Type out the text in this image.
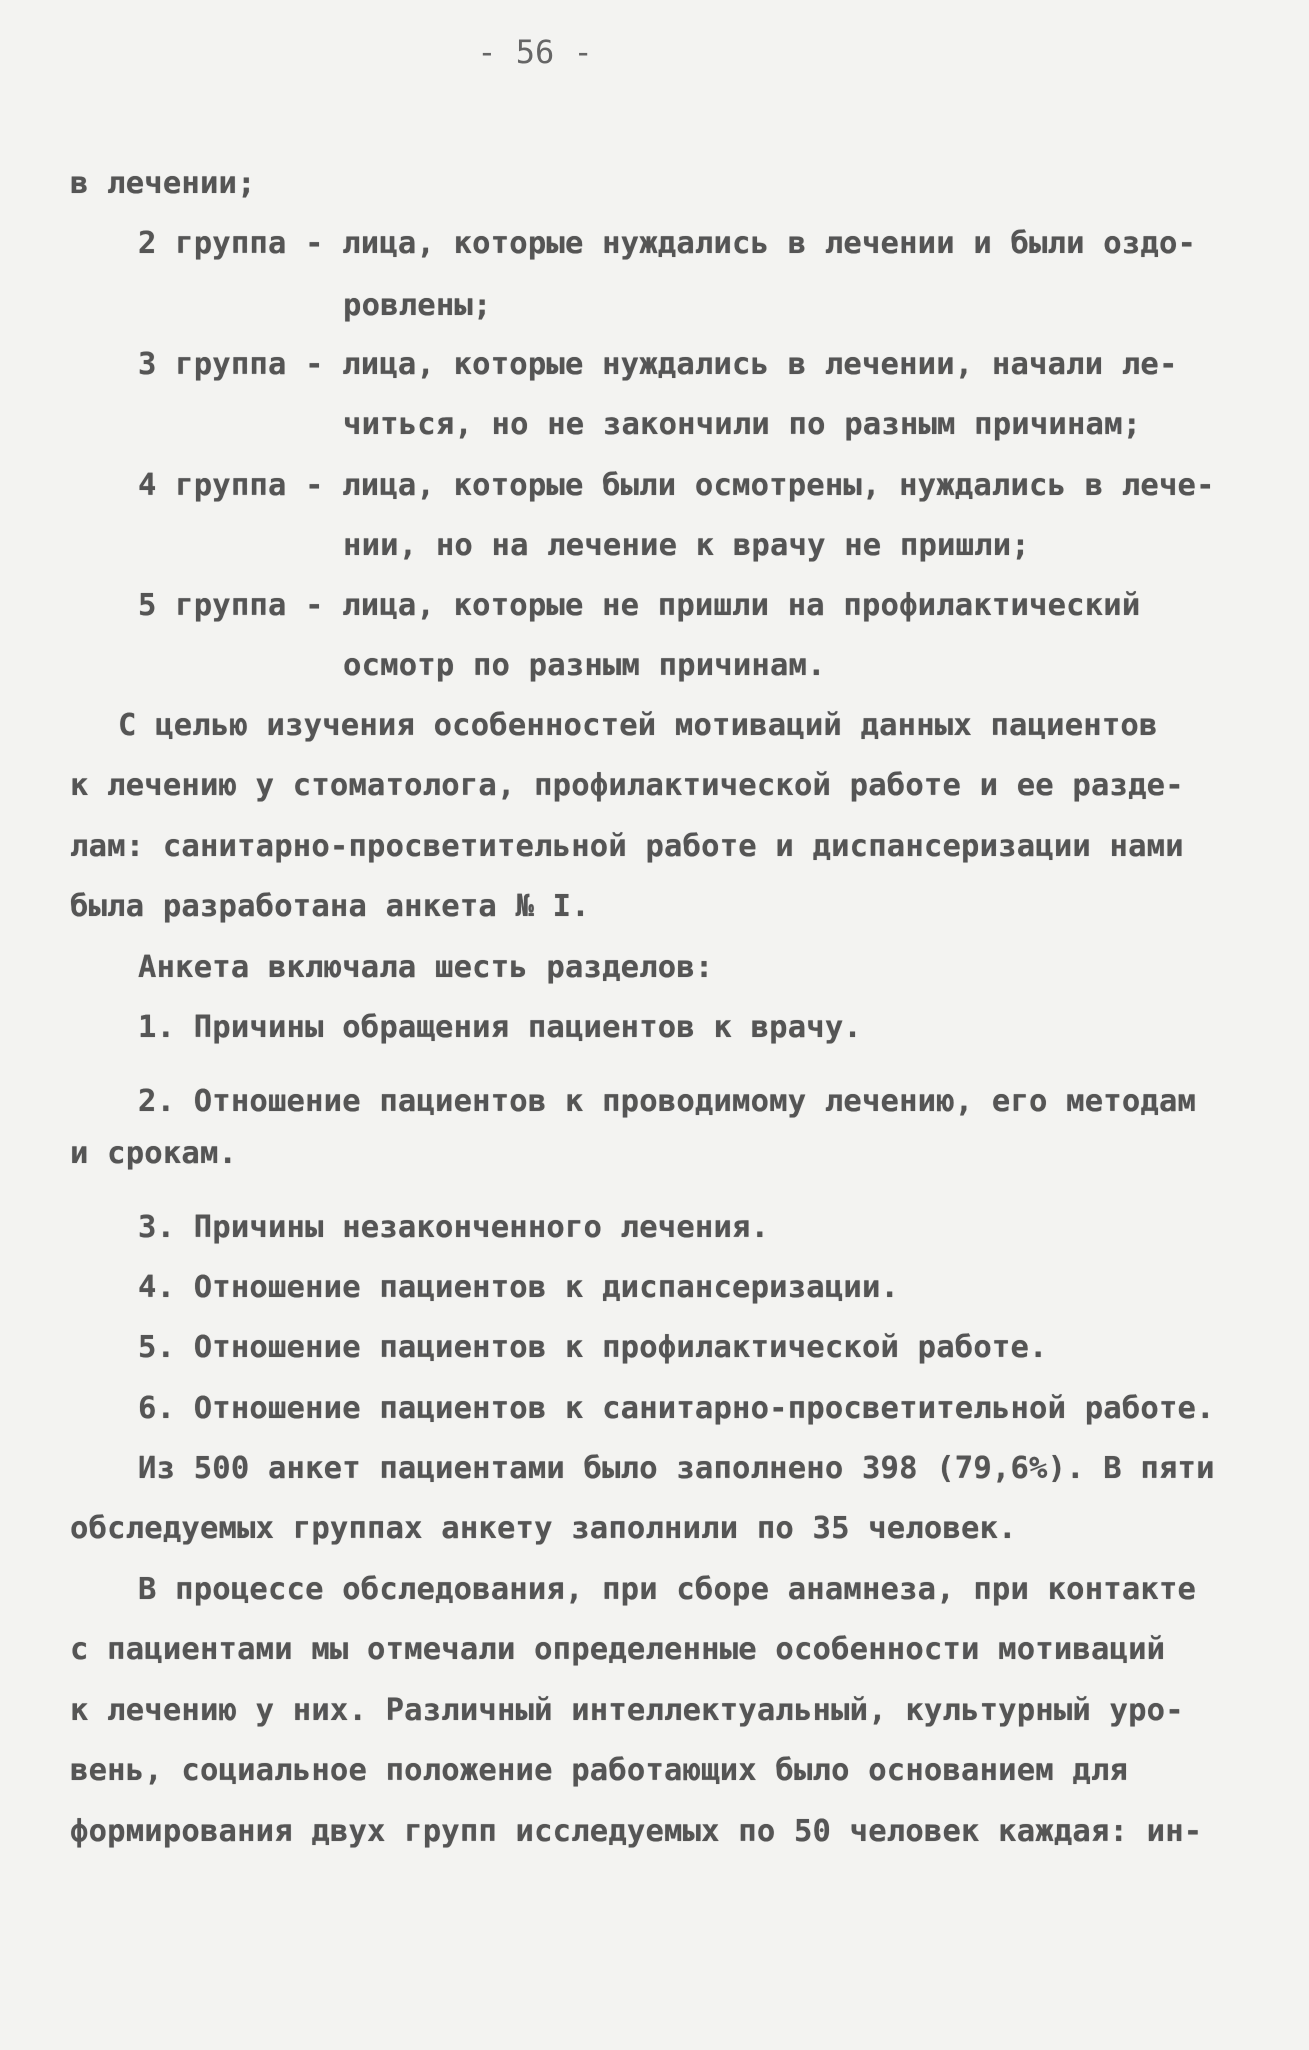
- 56 -
в лечении;
2 группа - лица, которые нуждались в лечении и были оздо-
ровлены;
3 группа - лица, которые нуждались в лечении, начали ле-
читься, но не закончили по разным причинам;
4 группа - лица, которые были осмотрены, нуждались в лече-
нии, но на лечение к врачу не пришли;
5 группа - лица, которые не пришли на профилактический
осмотр по разным причинам.
С целью изучения особенностей мотиваций данных пациентов
к лечению у стоматолога, профилактической работе и ее разде-
лам: санитарно-просветительной работе и диспансеризации нами
была разработана анкета № I.
Анкета включала шесть разделов:
1. Причины обращения пациентов к врачу.
2. Отношение пациентов к проводимому лечению, его методам
и срокам.
3. Причины незаконченного лечения.
4. Отношение пациентов к диспансеризации.
5. Отношение пациентов к профилактической работе.
6. Отношение пациентов к санитарно-просветительной работе.
Из 500 анкет пациентами было заполнено 398 (79,6%). В пяти
обследуемых группах анкету заполнили по 35 человек.
В процессе обследования, при сборе анамнеза, при контакте
с пациентами мы отмечали определенные особенности мотиваций
к лечению у них. Различный интеллектуальный, культурный уро-
вень, социальное положение работающих было основанием для
формирования двух групп исследуемых по 50 человек каждая: ин-
